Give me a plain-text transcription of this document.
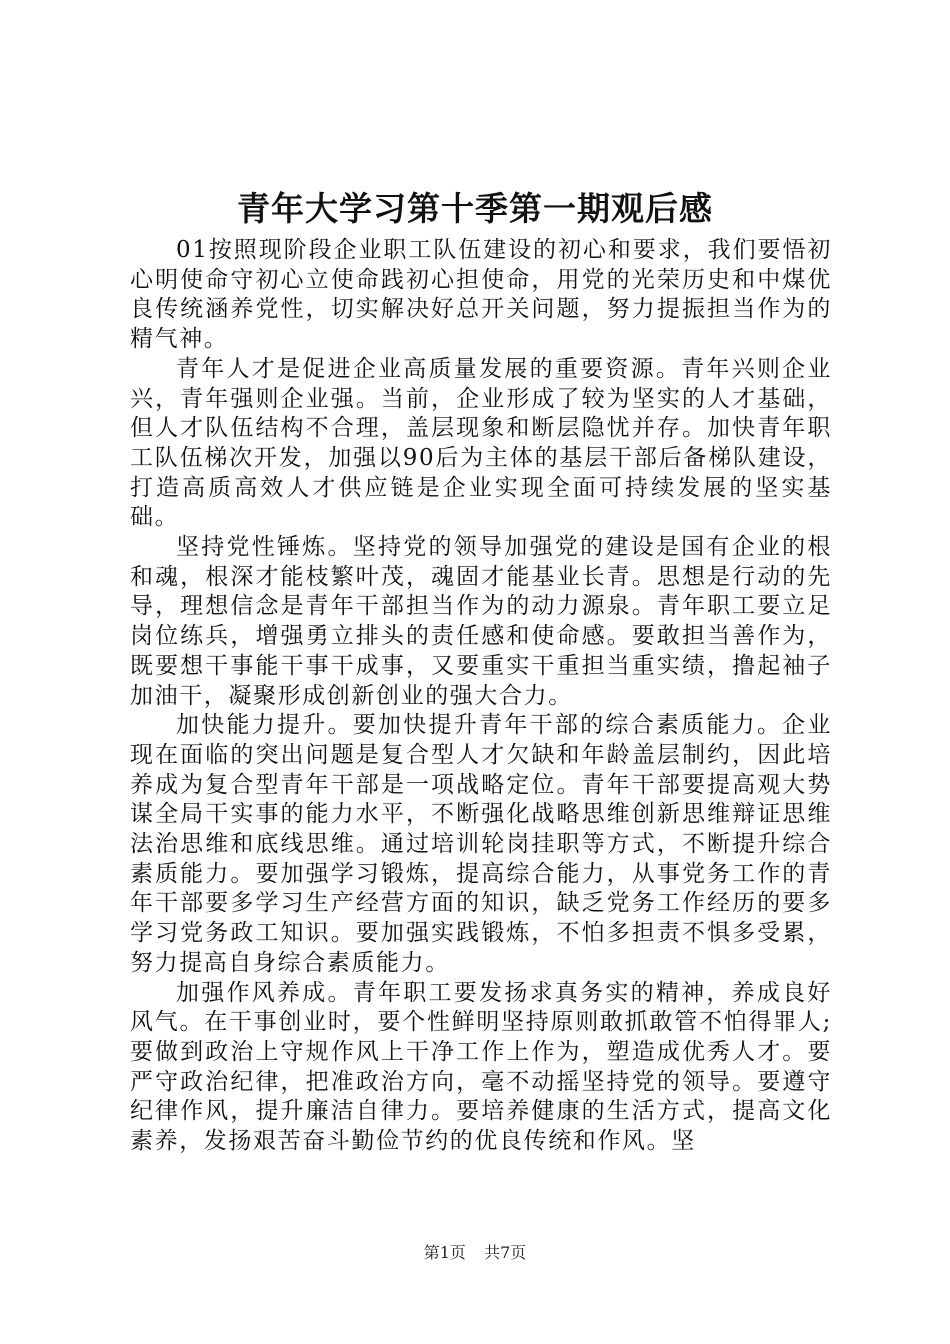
青年大学习第十季第一期观后感

01按照现阶段企业职工队伍建设的初心和要求，我们要悟初心明使命守初心立使命践初心担使命，用党的光荣历史和中煤优良传统涵养党性，切实解决好总开关问题，努力提振担当作为的精气神。

青年人才是促进企业高质量发展的重要资源。青年兴则企业兴，青年强则企业强。当前，企业形成了较为坚实的人才基础，但人才队伍结构不合理，盖层现象和断层隐忧并存。加快青年职工队伍梯次开发，加强以90后为主体的基层干部后备梯队建设，打造高质高效人才供应链是企业实现全面可持续发展的坚实基础。

坚持党性锤炼。坚持党的领导加强党的建设是国有企业的根和魂，根深才能枝繁叶茂，魂固才能基业长青。思想是行动的先导，理想信念是青年干部担当作为的动力源泉。青年职工要立足岗位练兵，增强勇立排头的责任感和使命感。要敢担当善作为，既要想干事能干事干成事，又要重实干重担当重实绩，撸起袖子加油干，凝聚形成创新创业的强大合力。

加快能力提升。要加快提升青年干部的综合素质能力。企业现在面临的突出问题是复合型人才欠缺和年龄盖层制约，因此培养成为复合型青年干部是一项战略定位。青年干部要提高观大势谋全局干实事的能力水平，不断强化战略思维创新思维辩证思维法治思维和底线思维。通过培训轮岗挂职等方式，不断提升综合素质能力。要加强学习锻炼，提高综合能力，从事党务工作的青年干部要多学习生产经营方面的知识，缺乏党务工作经历的要多学习党务政工知识。要加强实践锻炼，不怕多担责不惧多受累，努力提高自身综合素质能力。

加强作风养成。青年职工要发扬求真务实的精神，养成良好风气。在干事创业时，要个性鲜明坚持原则敢抓敢管不怕得罪人;要做到政治上守规作风上干净工作上作为，塑造成优秀人才。要严守政治纪律，把准政治方向，毫不动摇坚持党的领导。要遵守纪律作风，提升廉洁自律力。要培养健康的生活方式，提高文化素养，发扬艰苦奋斗勤俭节约的优良传统和作风。坚

第1页 共7页
